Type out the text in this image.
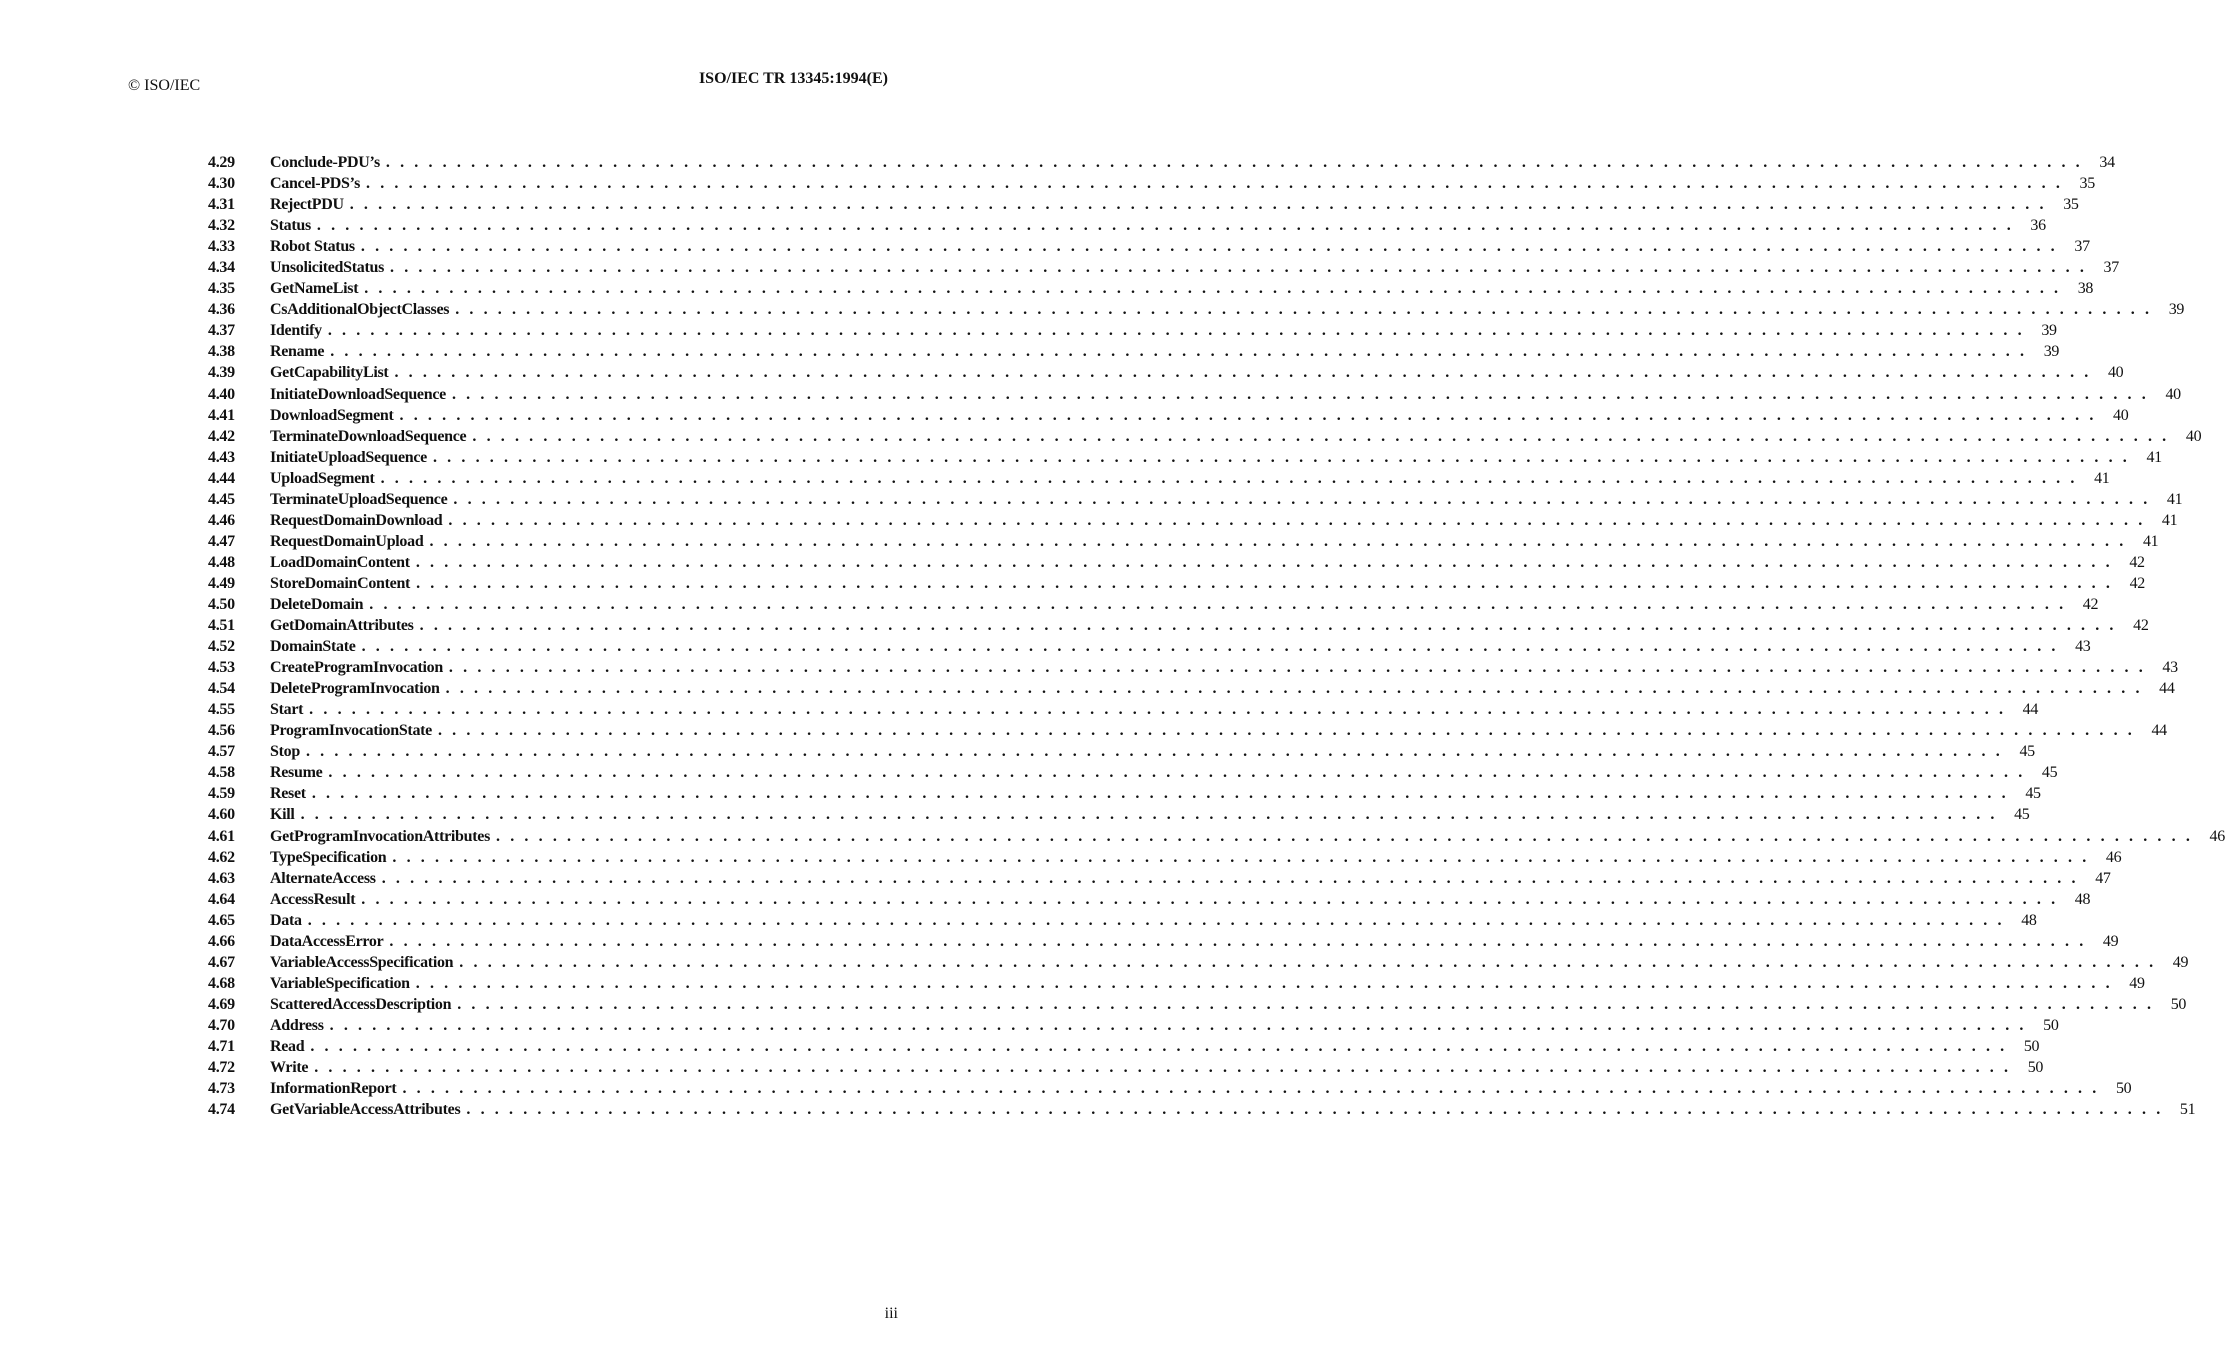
© ISO/IEC	ISO/IEC TR 13345:1994(E)
4.29	Conclude-PDU’s . . . . . . . . . . . . . . . . . . . . . . . . . . . . . . . . . . . . . . . . . . . . . . . . . . . . . . . . . . . . . . . . . . . . . . . . . . . . . . . . . . . . . . . . . . . . . . . . . . . . . . . . . . . . . . . . . . . . . . . .	34
4.30	Cancel-PDS’s . . . . . . . . . . . . . . . . . . . . . . . . . . . . . . . . . . . . . . . . . . . . . . . . . . . . . . . . . . . . . . . . . . . . . . . . . . . . . . . . . . . . . . . . . . . . . . . . . . . . . . . . . . . . . . . . . . . . . . . .	35
4.31	RejectPDU . . . . . . . . . . . . . . . . . . . . . . . . . . . . . . . . . . . . . . . . . . . . . . . . . . . . . . . . . . . . . . . . . . . . . . . . . . . . . . . . . . . . . . . . . . . . . . . . . . . . . . . . . . . . . . . . . . . . . . . .	35
4.32	Status . . . . . . . . . . . . . . . . . . . . . . . . . . . . . . . . . . . . . . . . . . . . . . . . . . . . . . . . . . . . . . . . . . . . . . . . . . . . . . . . . . . . . . . . . . . . . . . . . . . . . . . . . . . . . . . . . . . . . . . .	36
4.33	Robot Status . . . . . . . . . . . . . . . . . . . . . . . . . . . . . . . . . . . . . . . . . . . . . . . . . . . . . . . . . . . . . . . . . . . . . . . . . . . . . . . . . . . . . . . . . . . . . . . . . . . . . . . . . . . . . . . . . . . . . . . .	37
4.34	UnsolicitedStatus . . . . . . . . . . . . . . . . . . . . . . . . . . . . . . . . . . . . . . . . . . . . . . . . . . . . . . . . . . . . . . . . . . . . . . . . . . . . . . . . . . . . . . . . . . . . . . . . . . . . . . . . . . . . . . . . . . . . . . . .	37
4.35	GetNameList . . . . . . . . . . . . . . . . . . . . . . . . . . . . . . . . . . . . . . . . . . . . . . . . . . . . . . . . . . . . . . . . . . . . . . . . . . . . . . . . . . . . . . . . . . . . . . . . . . . . . . . . . . . . . . . . . . . . . . . .	38
4.36	CsAdditionalObjectClasses . . . . . . . . . . . . . . . . . . . . . . . . . . . . . . . . . . . . . . . . . . . . . . . . . . . . . . . . . . . . . . . . . . . . . . . . . . . . . . . . . . . . . . . . . . . . . . . . . . . . . . . . . . . . . . . . . . . . . . . .	39
4.37	Identify . . . . . . . . . . . . . . . . . . . . . . . . . . . . . . . . . . . . . . . . . . . . . . . . . . . . . . . . . . . . . . . . . . . . . . . . . . . . . . . . . . . . . . . . . . . . . . . . . . . . . . . . . . . . . . . . . . . . . . . .	39
4.38	Rename . . . . . . . . . . . . . . . . . . . . . . . . . . . . . . . . . . . . . . . . . . . . . . . . . . . . . . . . . . . . . . . . . . . . . . . . . . . . . . . . . . . . . . . . . . . . . . . . . . . . . . . . . . . . . . . . . . . . . . . .	39
4.39	GetCapabilityList . . . . . . . . . . . . . . . . . . . . . . . . . . . . . . . . . . . . . . . . . . . . . . . . . . . . . . . . . . . . . . . . . . . . . . . . . . . . . . . . . . . . . . . . . . . . . . . . . . . . . . . . . . . . . . . . . . . . . . . .	40
4.40	InitiateDownloadSequence . . . . . . . . . . . . . . . . . . . . . . . . . . . . . . . . . . . . . . . . . . . . . . . . . . . . . . . . . . . . . . . . . . . . . . . . . . . . . . . . . . . . . . . . . . . . . . . . . . . . . . . . . . . . . . . . . . . . . . . .	40
4.41	DownloadSegment . . . . . . . . . . . . . . . . . . . . . . . . . . . . . . . . . . . . . . . . . . . . . . . . . . . . . . . . . . . . . . . . . . . . . . . . . . . . . . . . . . . . . . . . . . . . . . . . . . . . . . . . . . . . . . . . . . . . . . . .	40
4.42	TerminateDownloadSequence . . . . . . . . . . . . . . . . . . . . . . . . . . . . . . . . . . . . . . . . . . . . . . . . . . . . . . . . . . . . . . . . . . . . . . . . . . . . . . . . . . . . . . . . . . . . . . . . . . . . . . . . . . . . . . . . . . . . . . . .	40
4.43	InitiateUploadSequence . . . . . . . . . . . . . . . . . . . . . . . . . . . . . . . . . . . . . . . . . . . . . . . . . . . . . . . . . . . . . . . . . . . . . . . . . . . . . . . . . . . . . . . . . . . . . . . . . . . . . . . . . . . . . . . . . . . . . . . .	41
4.44	UploadSegment . . . . . . . . . . . . . . . . . . . . . . . . . . . . . . . . . . . . . . . . . . . . . . . . . . . . . . . . . . . . . . . . . . . . . . . . . . . . . . . . . . . . . . . . . . . . . . . . . . . . . . . . . . . . . . . . . . . . . . . .	41
4.45	TerminateUploadSequence . . . . . . . . . . . . . . . . . . . . . . . . . . . . . . . . . . . . . . . . . . . . . . . . . . . . . . . . . . . . . . . . . . . . . . . . . . . . . . . . . . . . . . . . . . . . . . . . . . . . . . . . . . . . . . . . . . . . . . . .	41
4.46	RequestDomainDownload . . . . . . . . . . . . . . . . . . . . . . . . . . . . . . . . . . . . . . . . . . . . . . . . . . . . . . . . . . . . . . . . . . . . . . . . . . . . . . . . . . . . . . . . . . . . . . . . . . . . . . . . . . . . . . . . . . . . . . . .	41
4.47	RequestDomainUpload . . . . . . . . . . . . . . . . . . . . . . . . . . . . . . . . . . . . . . . . . . . . . . . . . . . . . . . . . . . . . . . . . . . . . . . . . . . . . . . . . . . . . . . . . . . . . . . . . . . . . . . . . . . . . . . . . . . . . . . .	41
4.48	LoadDomainContent . . . . . . . . . . . . . . . . . . . . . . . . . . . . . . . . . . . . . . . . . . . . . . . . . . . . . . . . . . . . . . . . . . . . . . . . . . . . . . . . . . . . . . . . . . . . . . . . . . . . . . . . . . . . . . . . . . . . . . . .	42
4.49	StoreDomainContent . . . . . . . . . . . . . . . . . . . . . . . . . . . . . . . . . . . . . . . . . . . . . . . . . . . . . . . . . . . . . . . . . . . . . . . . . . . . . . . . . . . . . . . . . . . . . . . . . . . . . . . . . . . . . . . . . . . . . . . .	42
4.50	DeleteDomain . . . . . . . . . . . . . . . . . . . . . . . . . . . . . . . . . . . . . . . . . . . . . . . . . . . . . . . . . . . . . . . . . . . . . . . . . . . . . . . . . . . . . . . . . . . . . . . . . . . . . . . . . . . . . . . . . . . . . . . .	42
4.51	GetDomainAttributes . . . . . . . . . . . . . . . . . . . . . . . . . . . . . . . . . . . . . . . . . . . . . . . . . . . . . . . . . . . . . . . . . . . . . . . . . . . . . . . . . . . . . . . . . . . . . . . . . . . . . . . . . . . . . . . . . . . . . . . .	42
4.52	DomainState . . . . . . . . . . . . . . . . . . . . . . . . . . . . . . . . . . . . . . . . . . . . . . . . . . . . . . . . . . . . . . . . . . . . . . . . . . . . . . . . . . . . . . . . . . . . . . . . . . . . . . . . . . . . . . . . . . . . . . . .	43
4.53	CreateProgramInvocation . . . . . . . . . . . . . . . . . . . . . . . . . . . . . . . . . . . . . . . . . . . . . . . . . . . . . . . . . . . . . . . . . . . . . . . . . . . . . . . . . . . . . . . . . . . . . . . . . . . . . . . . . . . . . . . . . . . . . . . .	43
4.54	DeleteProgramInvocation . . . . . . . . . . . . . . . . . . . . . . . . . . . . . . . . . . . . . . . . . . . . . . . . . . . . . . . . . . . . . . . . . . . . . . . . . . . . . . . . . . . . . . . . . . . . . . . . . . . . . . . . . . . . . . . . . . . . . . . .	44
4.55	Start . . . . . . . . . . . . . . . . . . . . . . . . . . . . . . . . . . . . . . . . . . . . . . . . . . . . . . . . . . . . . . . . . . . . . . . . . . . . . . . . . . . . . . . . . . . . . . . . . . . . . . . . . . . . . . . . . . . . . . . .	44
4.56	ProgramInvocationState . . . . . . . . . . . . . . . . . . . . . . . . . . . . . . . . . . . . . . . . . . . . . . . . . . . . . . . . . . . . . . . . . . . . . . . . . . . . . . . . . . . . . . . . . . . . . . . . . . . . . . . . . . . . . . . . . . . . . . . .	44
4.57	Stop . . . . . . . . . . . . . . . . . . . . . . . . . . . . . . . . . . . . . . . . . . . . . . . . . . . . . . . . . . . . . . . . . . . . . . . . . . . . . . . . . . . . . . . . . . . . . . . . . . . . . . . . . . . . . . . . . . . . . . . .	45
4.58	Resume . . . . . . . . . . . . . . . . . . . . . . . . . . . . . . . . . . . . . . . . . . . . . . . . . . . . . . . . . . . . . . . . . . . . . . . . . . . . . . . . . . . . . . . . . . . . . . . . . . . . . . . . . . . . . . . . . . . . . . . .	45
4.59	Reset . . . . . . . . . . . . . . . . . . . . . . . . . . . . . . . . . . . . . . . . . . . . . . . . . . . . . . . . . . . . . . . . . . . . . . . . . . . . . . . . . . . . . . . . . . . . . . . . . . . . . . . . . . . . . . . . . . . . . . . .	45
4.60	Kill . . . . . . . . . . . . . . . . . . . . . . . . . . . . . . . . . . . . . . . . . . . . . . . . . . . . . . . . . . . . . . . . . . . . . . . . . . . . . . . . . . . . . . . . . . . . . . . . . . . . . . . . . . . . . . . . . . . . . . . .	45
4.61	GetProgramInvocationAttributes . . . . . . . . . . . . . . . . . . . . . . . . . . . . . . . . . . . . . . . . . . . . . . . . . . . . . . . . . . . . . . . . . . . . . . . . . . . . . . . . . . . . . . . . . . . . . . . . . . . . . . . . . . . . . . . . . . . . . . . .	46
4.62	TypeSpecification . . . . . . . . . . . . . . . . . . . . . . . . . . . . . . . . . . . . . . . . . . . . . . . . . . . . . . . . . . . . . . . . . . . . . . . . . . . . . . . . . . . . . . . . . . . . . . . . . . . . . . . . . . . . . . . . . . . . . . . .	46
4.63	AlternateAccess . . . . . . . . . . . . . . . . . . . . . . . . . . . . . . . . . . . . . . . . . . . . . . . . . . . . . . . . . . . . . . . . . . . . . . . . . . . . . . . . . . . . . . . . . . . . . . . . . . . . . . . . . . . . . . . . . . . . . . . .	47
4.64	AccessResult . . . . . . . . . . . . . . . . . . . . . . . . . . . . . . . . . . . . . . . . . . . . . . . . . . . . . . . . . . . . . . . . . . . . . . . . . . . . . . . . . . . . . . . . . . . . . . . . . . . . . . . . . . . . . . . . . . . . . . . .	48
4.65	Data . . . . . . . . . . . . . . . . . . . . . . . . . . . . . . . . . . . . . . . . . . . . . . . . . . . . . . . . . . . . . . . . . . . . . . . . . . . . . . . . . . . . . . . . . . . . . . . . . . . . . . . . . . . . . . . . . . . . . . . .	48
4.66	DataAccessError . . . . . . . . . . . . . . . . . . . . . . . . . . . . . . . . . . . . . . . . . . . . . . . . . . . . . . . . . . . . . . . . . . . . . . . . . . . . . . . . . . . . . . . . . . . . . . . . . . . . . . . . . . . . . . . . . . . . . . . .	49
4.67	VariableAccessSpecification . . . . . . . . . . . . . . . . . . . . . . . . . . . . . . . . . . . . . . . . . . . . . . . . . . . . . . . . . . . . . . . . . . . . . . . . . . . . . . . . . . . . . . . . . . . . . . . . . . . . . . . . . . . . . . . . . . . . . . . .	49
4.68	VariableSpecification . . . . . . . . . . . . . . . . . . . . . . . . . . . . . . . . . . . . . . . . . . . . . . . . . . . . . . . . . . . . . . . . . . . . . . . . . . . . . . . . . . . . . . . . . . . . . . . . . . . . . . . . . . . . . . . . . . . . . . . .	49
4.69	ScatteredAccessDescription . . . . . . . . . . . . . . . . . . . . . . . . . . . . . . . . . . . . . . . . . . . . . . . . . . . . . . . . . . . . . . . . . . . . . . . . . . . . . . . . . . . . . . . . . . . . . . . . . . . . . . . . . . . . . . . . . . . . . . . .	50
4.70	Address . . . . . . . . . . . . . . . . . . . . . . . . . . . . . . . . . . . . . . . . . . . . . . . . . . . . . . . . . . . . . . . . . . . . . . . . . . . . . . . . . . . . . . . . . . . . . . . . . . . . . . . . . . . . . . . . . . . . . . . .	50
4.71	Read . . . . . . . . . . . . . . . . . . . . . . . . . . . . . . . . . . . . . . . . . . . . . . . . . . . . . . . . . . . . . . . . . . . . . . . . . . . . . . . . . . . . . . . . . . . . . . . . . . . . . . . . . . . . . . . . . . . . . . . .	50
4.72	Write . . . . . . . . . . . . . . . . . . . . . . . . . . . . . . . . . . . . . . . . . . . . . . . . . . . . . . . . . . . . . . . . . . . . . . . . . . . . . . . . . . . . . . . . . . . . . . . . . . . . . . . . . . . . . . . . . . . . . . . .	50
4.73	InformationReport . . . . . . . . . . . . . . . . . . . . . . . . . . . . . . . . . . . . . . . . . . . . . . . . . . . . . . . . . . . . . . . . . . . . . . . . . . . . . . . . . . . . . . . . . . . . . . . . . . . . . . . . . . . . . . . . . . . . . . . .	50
4.74	GetVariableAccessAttributes . . . . . . . . . . . . . . . . . . . . . . . . . . . . . . . . . . . . . . . . . . . . . . . . . . . . . . . . . . . . . . . . . . . . . . . . . . . . . . . . . . . . . . . . . . . . . . . . . . . . . . . . . . . . . . . . . . . . . . . .	51
iii
